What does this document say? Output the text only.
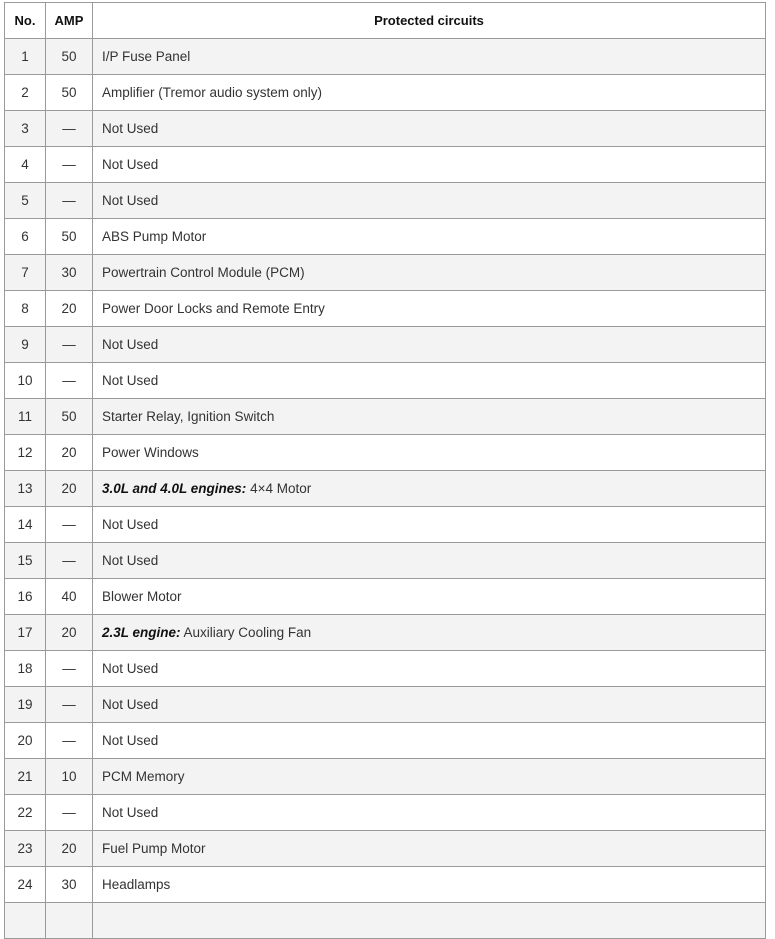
No.	AMP	Protected circuits
1	50	I/P Fuse Panel
2	50	Amplifier (Tremor audio system only)
3	—	Not Used
4	—	Not Used
5	—	Not Used
6	50	ABS Pump Motor
7	30	Powertrain Control Module (PCM)
8	20	Power Door Locks and Remote Entry
9	—	Not Used
10	—	Not Used
11	50	Starter Relay, Ignition Switch
12	20	Power Windows
13	20	3.0L and 4.0L engines: 4×4 Motor
14	—	Not Used
15	—	Not Used
16	40	Blower Motor
17	20	2.3L engine: Auxiliary Cooling Fan
18	—	Not Used
19	—	Not Used
20	—	Not Used
21	10	PCM Memory
22	—	Not Used
23	20	Fuel Pump Motor
24	30	Headlamps
